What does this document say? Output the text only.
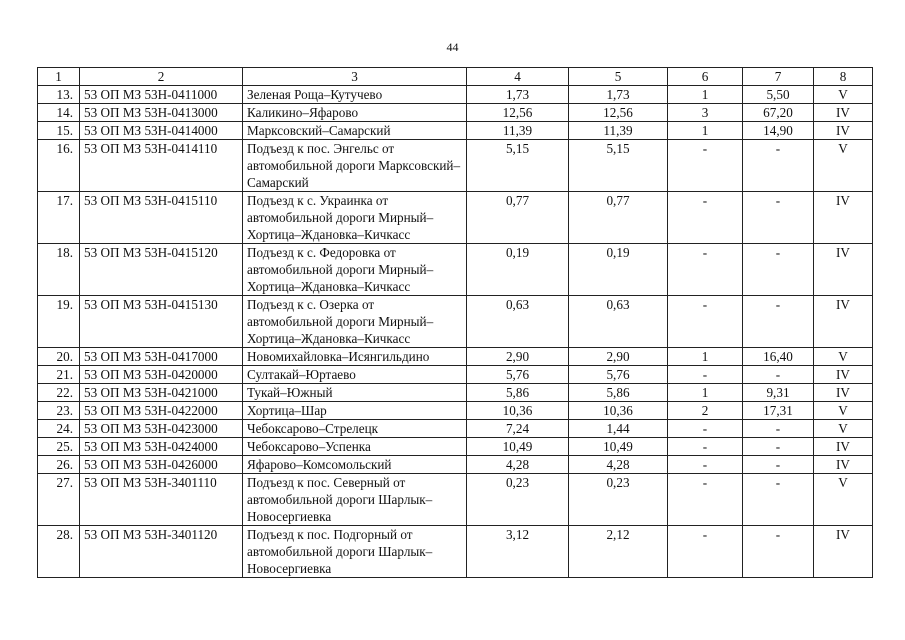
44
1	2	3	4	5	6	7	8
13.	53 ОП МЗ 53Н-0411000	Зеленая Роща–Кутучево	1,73	1,73	1	5,50	V
14.	53 ОП МЗ 53Н-0413000	Каликино–Яфарово	12,56	12,56	3	67,20	IV
15.	53 ОП МЗ 53Н-0414000	Марксовский–Самарский	11,39	11,39	1	14,90	IV
16.	53 ОП МЗ 53Н-0414110	Подъезд к пос. Энгельс от автомобильной дороги Марксовский–Самарский	5,15	5,15	-	-	V
17.	53 ОП МЗ 53Н-0415110	Подъезд к с. Украинка от автомобильной дороги Мирный–Хортица–Ждановка–Кичкасс	0,77	0,77	-	-	IV
18.	53 ОП МЗ 53Н-0415120	Подъезд к с. Федоровка от автомобильной дороги Мирный–Хортица–Ждановка–Кичкасс	0,19	0,19	-	-	IV
19.	53 ОП МЗ 53Н-0415130	Подъезд к с. Озерка от автомобильной дороги Мирный–Хортица–Ждановка–Кичкасс	0,63	0,63	-	-	IV
20.	53 ОП МЗ 53Н-0417000	Новомихайловка–Исянгильдино	2,90	2,90	1	16,40	V
21.	53 ОП МЗ 53Н-0420000	Султакай–Юртаево	5,76	5,76	-	-	IV
22.	53 ОП МЗ 53Н-0421000	Тукай–Южный	5,86	5,86	1	9,31	IV
23.	53 ОП МЗ 53Н-0422000	Хортица–Шар	10,36	10,36	2	17,31	V
24.	53 ОП МЗ 53Н-0423000	Чебоксарово–Стрелецк	7,24	1,44	-	-	V
25.	53 ОП МЗ 53Н-0424000	Чебоксарово–Успенка	10,49	10,49	-	-	IV
26.	53 ОП МЗ 53Н-0426000	Яфарово–Комсомольский	4,28	4,28	-	-	IV
27.	53 ОП МЗ 53Н-3401110	Подъезд к пос. Северный от автомобильной дороги Шарлык–Новосергиевка	0,23	0,23	-	-	V
28.	53 ОП МЗ 53Н-3401120	Подъезд к пос. Подгорный от автомобильной дороги Шарлык–Новосергиевка	3,12	2,12	-	-	IV
